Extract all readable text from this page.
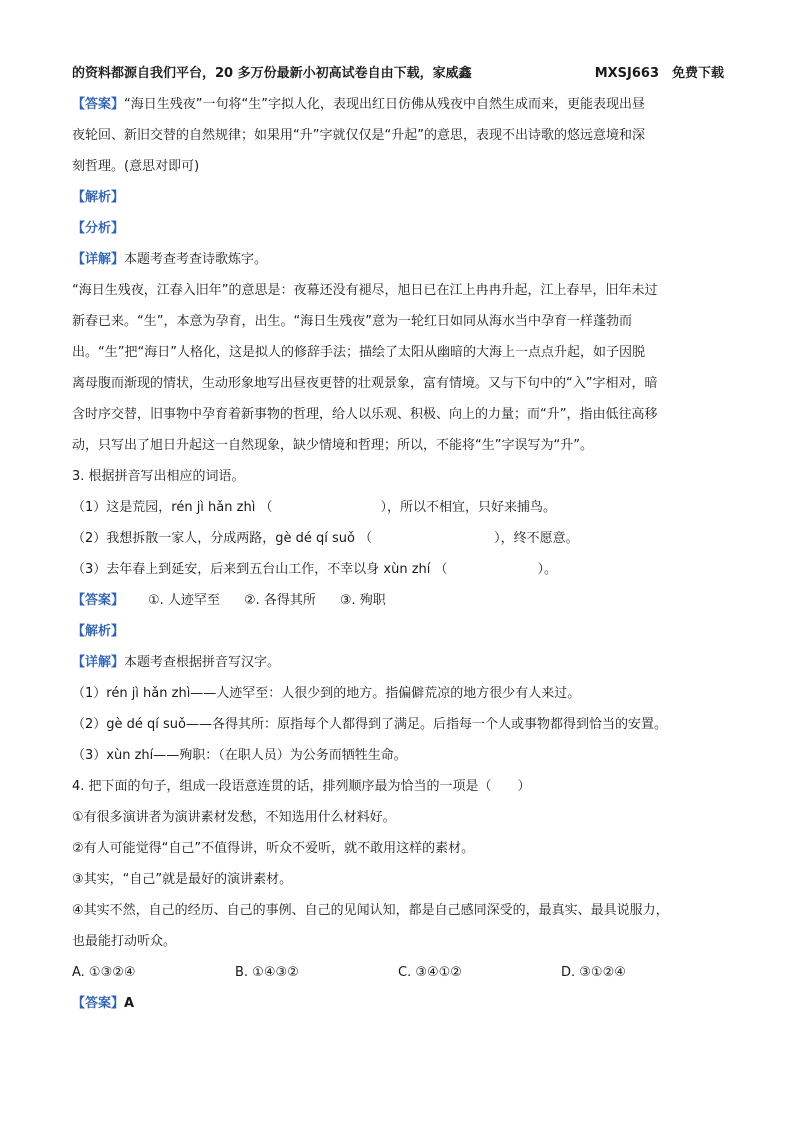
的资料都源自我们平台，20 多万份最新小初高试卷自由下载，家威鑫	MXSJ663　免费下载
【答案】“海日生残夜”一句将“生”字拟人化，表现出红日仿佛从残夜中自然生成而来，更能表现出昼
夜轮回、新旧交替的自然规律；如果用“升”字就仅仅是“升起”的意思，表现不出诗歌的悠远意境和深
刻哲理。(意思对即可)
【解析】
【分析】
【详解】本题考查考查诗歌炼字。
“海日生残夜，江春入旧年”的意思是：夜幕还没有褪尽，旭日已在江上冉冉升起，江上春早，旧年未过
新春已来。“生”，本意为孕育，出生。“海日生残夜”意为一轮红日如同从海水当中孕育一样蓬勃而
出。“生”把“海日”人格化，这是拟人的修辞手法；描绘了太阳从幽暗的大海上一点点升起，如子因脱
离母腹而渐现的情状，生动形象地写出昼夜更替的壮观景象，富有情境。又与下句中的“入”字相对，暗
含时序交替，旧事物中孕育着新事物的哲理，给人以乐观、积极、向上的力量；而“升”，指由低往高移
动，只写出了旭日升起这一自然现象，缺少情境和哲理；所以，不能将“生”字误写为“升”。
3. 根据拼音写出相应的词语。
（1）这是荒园，rén jì hǎn zhì （	），所以不相宜，只好来捕鸟。
（2）我想拆散一家人，分成两路，gè dé qí suǒ （	），终不愿意。
（3）去年春上到延安，后来到五台山工作，不幸以身 xùn zhí （	）。
【答案】 ①. 人迹罕至 ②. 各得其所 ③. 殉职
【解析】
【详解】本题考查根据拼音写汉字。
（1）rén jì hǎn zhì——人迹罕至：人很少到的地方。指偏僻荒凉的地方很少有人来过。
（2）gè dé qí suǒ——各得其所：原指每个人都得到了满足。后指每一个人或事物都得到恰当的安置。
（3）xùn zhí——殉职：（在职人员）为公务而牺牲生命。
4. 把下面的句子，组成一段语意连贯的话，排列顺序最为恰当的一项是（　　）
①有很多演讲者为演讲素材发愁，不知选用什么材料好。
②有人可能觉得“自己”不值得讲，听众不爱听，就不敢用这样的素材。
③其实，“自己”就是最好的演讲素材。
④其实不然，自己的经历、自己的事例、自己的见闻认知，都是自己感同深受的，最真实、最具说服力，
也最能打动听众。
A. ①③②④	B. ①④③②	C. ③④①②	D. ③①②④
【答案】A
